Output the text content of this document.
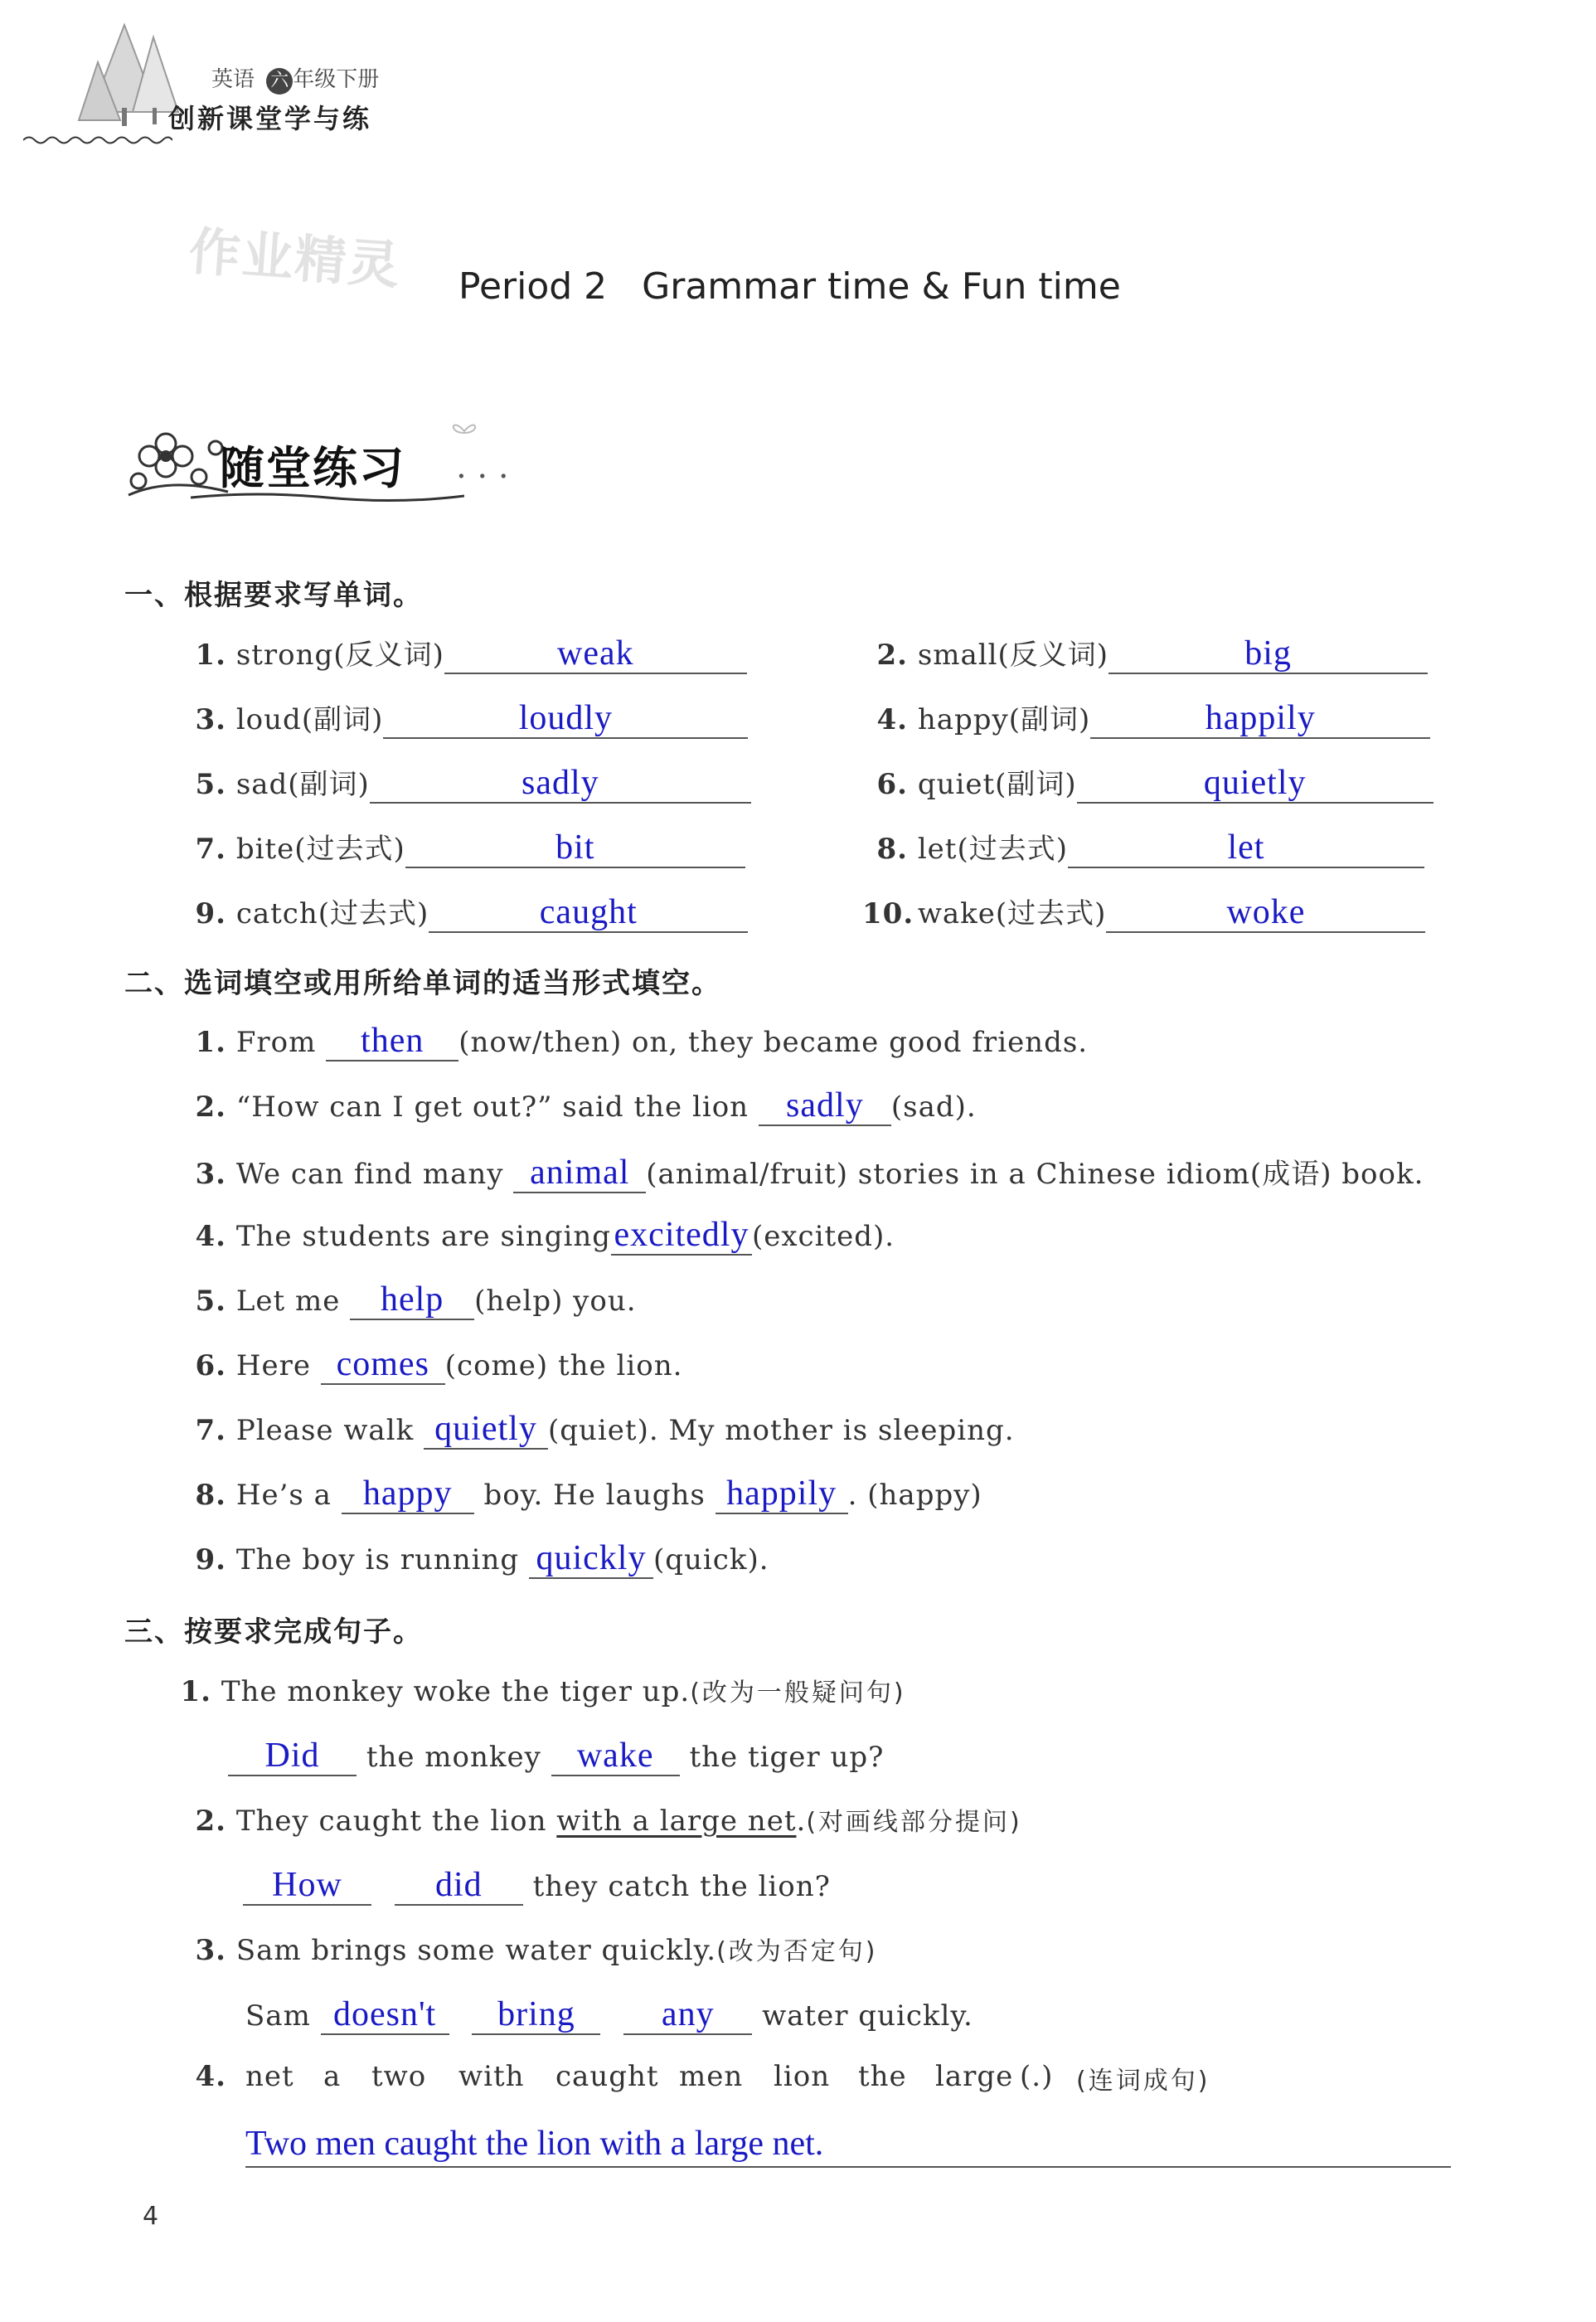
英语 六 年级下册
创新课堂学与练
作业精灵 Period 2   Grammar time & Fun time
随堂练习 . . .
一、根据要求写单词。
1. strong(反义词)	weak	2. small(反义词)	big
3. loud(副词)	loudly	4. happy(副词)	happily
5. sad(副词)	sadly	6. quiet(副词)	quietly
7. bite(过去式)	bit	8. let(过去式)	let
9. catch(过去式)	caught	10. wake(过去式)	woke
二、选词填空或用所给单词的适当形式填空。
1. From then (now/then) on, they became good friends.
2. “How can I get out?” said the lion sadly (sad).
3. We can find many animal (animal/fruit) stories in a Chinese idiom(成语) book.
4. The students are singingexcitedly (excited).
5. Let me help (help) you.
6. Here comes (come) the lion.
7. Please walk quietly (quiet). My mother is sleeping.
8. He’s a happy boy. He laughs happily . (happy)
9. The boy is running quickly (quick).
三、按要求完成句子。
1. The monkey woke the tiger up.(改为一般疑问句)
Did the monkey wake the tiger up?
2. They caught the lion with a large net.(对画线部分提问)
How	did they catch the lion?
3. Sam brings some water quickly.(改为否定句)
Sam doesn't bring any water quickly.
4. net a two with caught men lion the large (.) (连词成句)
Two men caught the lion with a large net.
4
